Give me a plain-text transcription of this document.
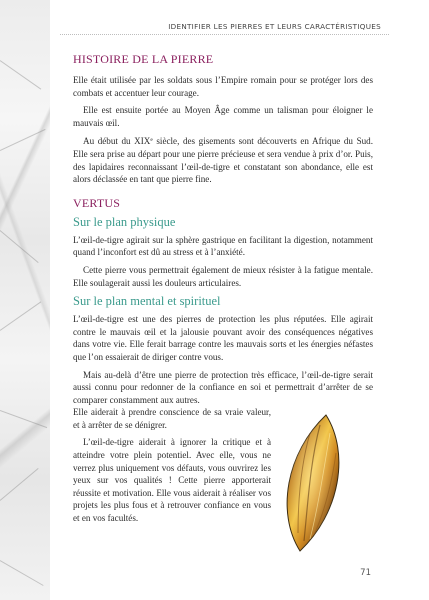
IDENTIFIER LES PIERRES ET LEURS CARACTÉRISTIQUES
HISTOIRE DE LA PIERRE

Elle était utilisée par les soldats sous l’Empire romain pour se protéger lors des combats et accentuer leur courage.

Elle est ensuite portée au Moyen Âge comme un talisman pour éloigner le mauvais œil.

Au début du XIXe siècle, des gisements sont découverts en Afrique du Sud. Elle sera prise au départ pour une pierre précieuse et sera vendue à prix d’or. Puis, des lapidaires reconnaissant l’œil-de-tigre et constatant son abondance, elle est alors déclassée en tant que pierre fine.

VERTUS
Sur le plan physique

L’œil-de-tigre agirait sur la sphère gastrique en facilitant la digestion, notamment quand l’inconfort est dû au stress et à l’anxiété.

Cette pierre vous permettrait également de mieux résister à la fatigue mentale. Elle soulagerait aussi les douleurs articulaires.

Sur le plan mental et spirituel

L’œil-de-tigre est une des pierres de protection les plus réputées. Elle agirait contre le mauvais œil et la jalousie pouvant avoir des conséquences négatives dans votre vie. Elle ferait barrage contre les mauvais sorts et les énergies néfastes que l’on essaierait de diriger contre vous.

Mais au-delà d’être une pierre de protection très efficace, l’œil-de-tigre serait aussi connu pour redonner de la confiance en soi et permettrait d’arrêter de se comparer constamment aux autres.

Elle aiderait à prendre conscience de sa vraie valeur, et à arrêter de se dénigrer.

L’œil-de-tigre aiderait à ignorer la critique et à atteindre votre plein potentiel. Avec elle, vous ne verrez plus uniquement vos défauts, vous ouvrirez les yeux sur vos qualités ! Cette pierre apporterait réussite et motivation. Elle vous aiderait à réaliser vos projets les plus fous et à retrouver confiance en vous et en vos facultés.

71
